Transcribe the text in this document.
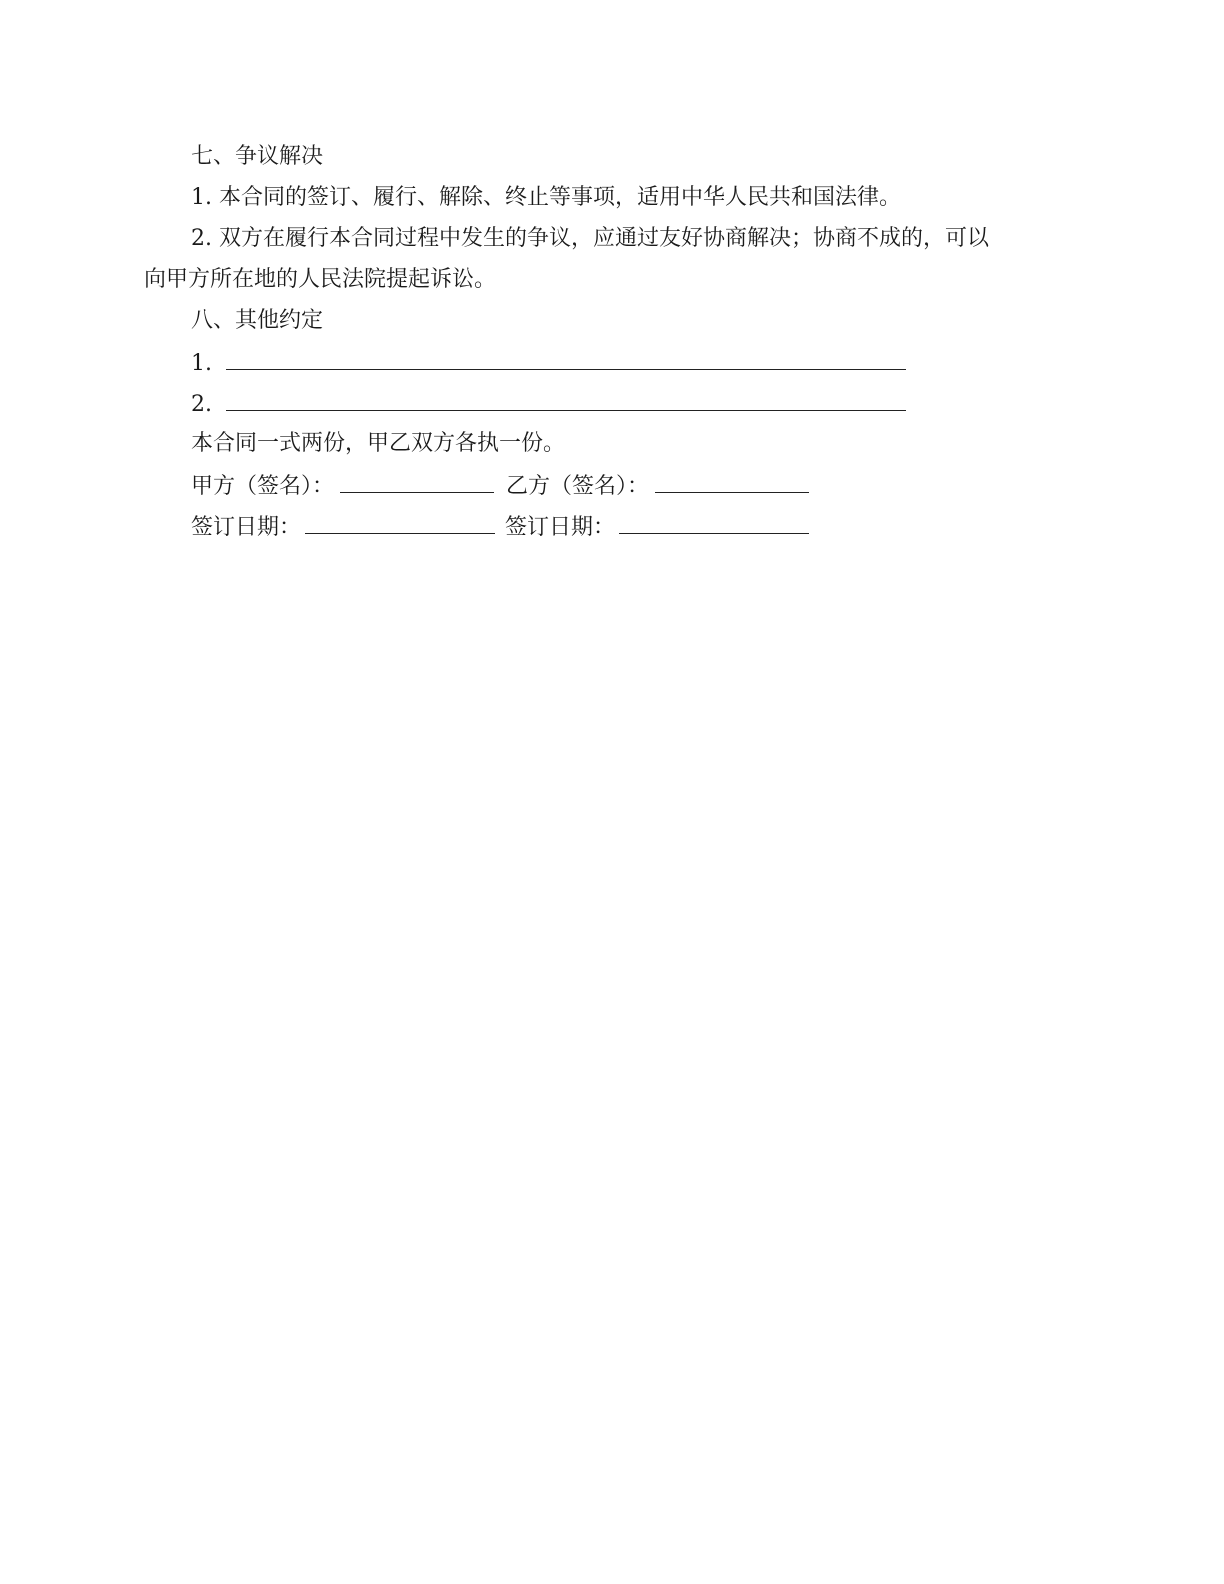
七、争议解决
1. 本合同的签订、履行、解除、终止等事项，适用中华人民共和国法律。
2. 双方在履行本合同过程中发生的争议，应通过友好协商解决；协商不成的，可以
向甲方所在地的人民法院提起诉讼。
八、其他约定
1.
2.
本合同一式两份，甲乙双方各执一份。
甲方（签名）：	乙方（签名）：
签订日期：	签订日期：
